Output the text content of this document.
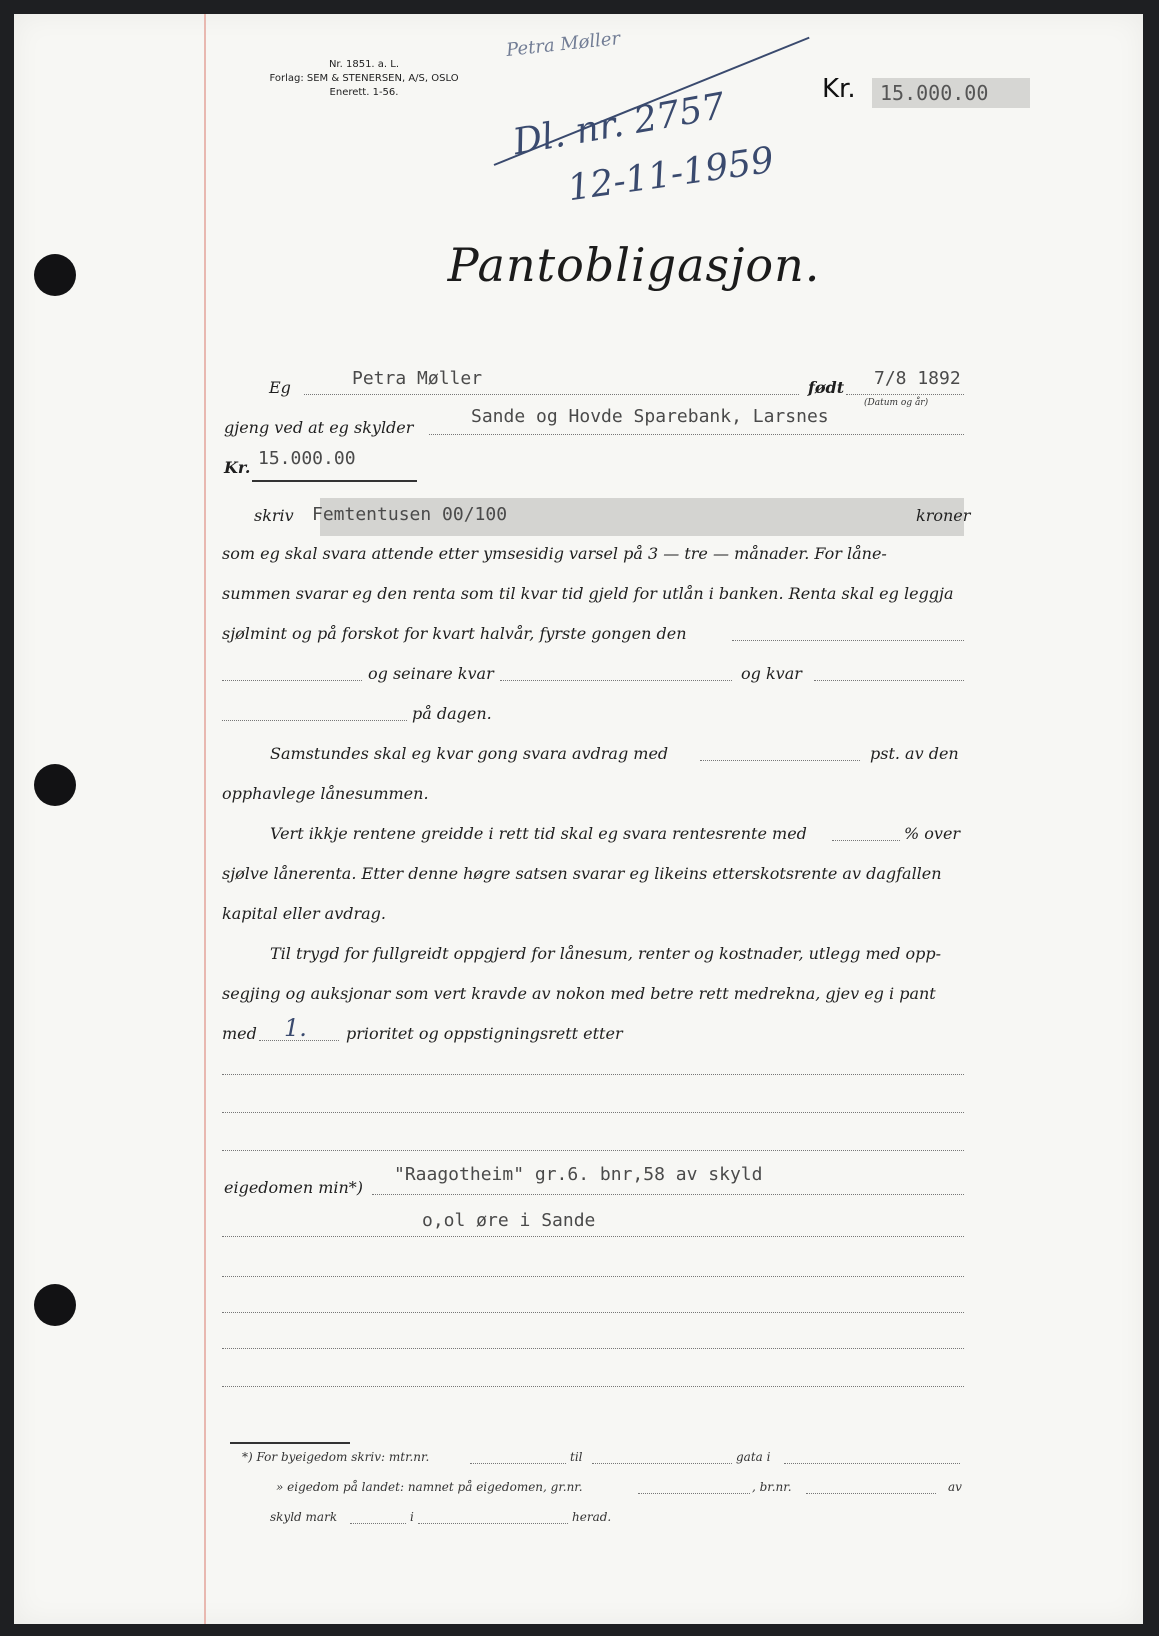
Nr. 1851. a. L.
Forlag: SEM & STENERSEN, A/S, OSLO
Enerett. 1-56.
Petra Møller
Dl. nr. 2757
12-11-1959
Kr.	15.000.00
Pantobligasjon.
Eg	Petra Møller	født 7/8 1892
(Datum og år)
gjeng ved at eg skylder
Sande og Hovde Sparebank, Larsnes
Kr. 15.000.00
skriv Femtentusen 00/100	kroner
som eg skal svara attende etter ymsesidig varsel på 3 — tre — månader. For låne-
summen svarar eg den renta som til kvar tid gjeld for utlån i banken. Renta skal eg leggja
sjølmint og på forskot for kvart halvår, fyrste gongen den
og seinare kvar	og kvar
på dagen.
Samstundes skal eg kvar gong svara avdrag med	pst. av den
opphavlege lånesummen.
Vert ikkje rentene greidde i rett tid skal eg svara rentesrente med	% over
sjølve lånerenta. Etter denne høgre satsen svarar eg likeins etterskotsrente av dagfallen
kapital eller avdrag.
Til trygd for fullgreidt oppgjerd for lånesum, renter og kostnader, utlegg med opp-
segjing og auksjonar som vert kravde av nokon med betre rett medrekna, gjev eg i pant
med 1. prioritet og oppstigningsrett etter
eigedomen min*)
"Raagotheim" gr.6. bnr,58 av skyld
o,ol øre i Sande
*) For byeigedom skriv: mtr.nr.	til	gata i
» eigedom på landet: namnet på eigedomen, gr.nr.	, br.nr.	av
skyld mark	i	herad.
